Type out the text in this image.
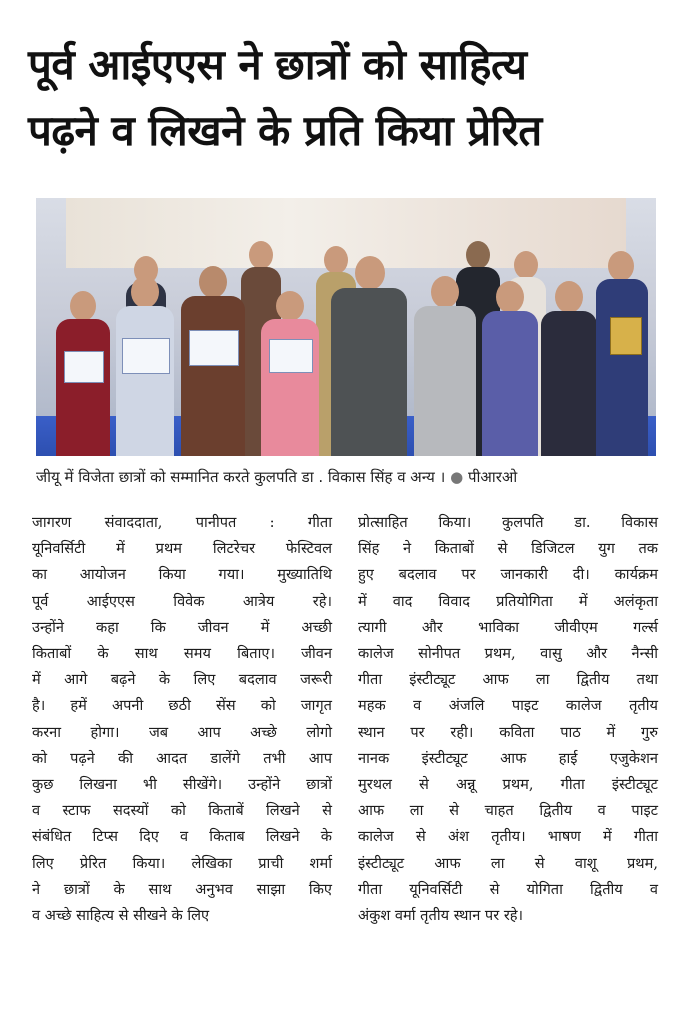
पूर्व आईएएस ने छात्रों को साहित्य
पढ़ने व लिखने के प्रति किया प्रेरित
जीयू में विजेता छात्रों को सम्मानित करते कुलपति डा . विकास सिंह व अन्य । ● पीआरओ
जागरण संवाददाता, पानीपत : गीता
यूनिवर्सिटी में प्रथम लिटरेचर फेस्टिवल
का आयोजन किया गया। मुख्यातिथि
पूर्व आईएएस विवेक आत्रेय रहे।
उन्होंने कहा कि जीवन में अच्छी
किताबों के साथ समय बिताए। जीवन
में आगे बढ़ने के लिए बदलाव जरूरी
है। हमें अपनी छठी सेंस को जागृत
करना होगा। जब आप अच्छे लोगो
को पढ़ने की आदत डालेंगे तभी आप
कुछ लिखना भी सीखेंगे। उन्होंने छात्रों
व स्टाफ सदस्यों को किताबें लिखने से
संबंधित टिप्स दिए व किताब लिखने के
लिए प्रेरित किया। लेखिका प्राची शर्मा
ने छात्रों के साथ अनुभव साझा किए
व अच्छे साहित्य से सीखने के लिए
प्रोत्साहित किया। कुलपति डा. विकास
सिंह ने किताबों से डिजिटल युग तक
हुए बदलाव पर जानकारी दी। कार्यक्रम
में वाद विवाद प्रतियोगिता में अलंकृता
त्यागी और भाविका जीवीएम गर्ल्स
कालेज सोनीपत प्रथम, वासु और नैन्सी
गीता इंस्टीट्यूट आफ ला द्वितीय तथा
महक व अंजलि पाइट कालेज तृतीय
स्थान पर रही। कविता पाठ में गुरु
नानक इंस्टीट्यूट आफ हाई एजुकेशन
मुरथल से अन्नू प्रथम, गीता इंस्टीट्यूट
आफ ला से चाहत द्वितीय व पाइट
कालेज से अंश तृतीय। भाषण में गीता
इंस्टीट्यूट आफ ला से वाशू प्रथम,
गीता यूनिवर्सिटी से योगिता द्वितीय व
अंकुश वर्मा तृतीय स्थान पर रहे।
